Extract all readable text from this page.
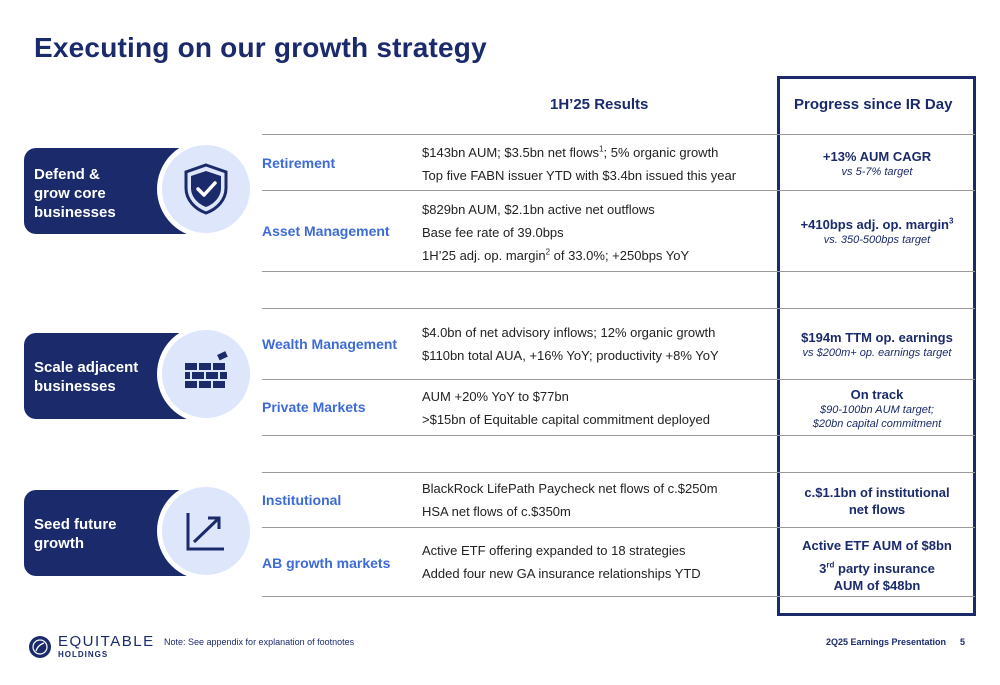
Executing on our growth strategy
1H’25 Results	Progress since IR Day
Defend &
grow core
businesses
Scale adjacent
businesses
Seed future
growth
Retirement
$143bn AUM; $3.5bn net flows$^1$; 5% organic growth
Top five FABN issuer YTD with $3.4bn issued this year
+13% AUM CAGR
vs 5-7% target
Asset Management
$829bn AUM, $2.1bn active net outflows
Base fee rate of 39.0bps
1H’25 adj. op. margin$^2$ of 33.0%; +250bps YoY
+410bps adj. op. margin$^3$
vs. 350-500bps target
Wealth Management
$4.0bn of net advisory inflows; 12% organic growth
$110bn total AUA, +16% YoY; productivity +8% YoY
$194m TTM op. earnings
vs $200m+ op. earnings target
Private Markets
AUM +20% YoY to $77bn
>$15bn of Equitable capital commitment deployed
On track
$90-100bn AUM target;
$20bn capital commitment
Institutional
BlackRock LifePath Paycheck net flows of c.$250m
HSA net flows of c.$350m
c.$1.1bn of institutional
net flows
AB growth markets
Active ETF offering expanded to 18 strategies
Added four new GA insurance relationships YTD
Active ETF AUM of $8bn
3rd party insurance
AUM of $48bn
EQUITABLE
HOLDINGS
Note: See appendix for explanation of footnotes	2Q25 Earnings Presentation 5
